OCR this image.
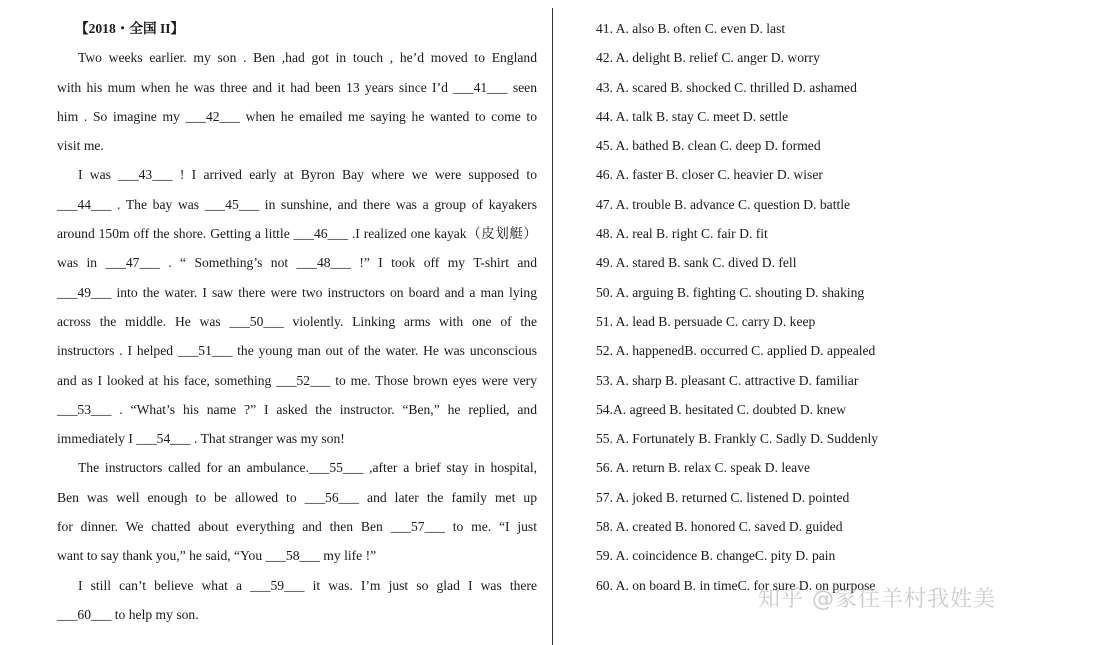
【2018・全国 II】

Two weeks earlier. my son . Ben ,had got in touch , he’d moved to England

with his mum when he was three and it had been 13 years since I’d ___41___ seen

him . So imagine my ___42___ when he emailed me saying he wanted to come to

visit me.

I was ___43___ ! I arrived early at Byron Bay where we were supposed to

___44___ . The bay was ___45___ in sunshine, and there was a group of kayakers

around 150m off the shore. Getting a little ___46___ .I realized one kayak（皮划艇）

was in ___47___ . “ Something’s not ___48___ !” I took off my T-shirt and

___49___ into the water. I saw there were two instructors on board and a man lying

across the middle. He was ___50___ violently. Linking arms with one of the

instructors . I helped ___51___ the young man out of the water. He was unconscious

and as I looked at his face, something ___52___ to me. Those brown eyes were very

___53___ . “What’s his name ?” I asked the instructor. “Ben,” he replied, and

immediately I ___54___ . That stranger was my son!

The instructors called for an ambulance.___55___ ,after a brief stay in hospital,

Ben was well enough to be allowed to ___56___ and later the family met up

for dinner. We chatted about everything and then Ben ___57___ to me. “I just

want to say thank you,” he said, “You ___58___ my life !”

I still can’t believe what a ___59___ it was. I’m just so glad I was there

___60___ to help my son.

41. A. also B. often C. even D. last
42. A. delight B. relief C. anger D. worry
43. A. scared B. shocked C. thrilled D. ashamed
44. A. talk B. stay C. meet D. settle
45. A. bathed B. clean C. deep D. formed
46. A. faster B. closer C. heavier D. wiser
47. A. trouble B. advance C. question D. battle
48. A. real B. right C. fair D. fit
49. A. stared B. sank C. dived D. fell
50. A. arguing B. fighting C. shouting D. shaking
51. A. lead B. persuade C. carry D. keep
52. A. happenedB. occurred C. applied D. appealed
53. A. sharp B. pleasant C. attractive D. familiar
54.A. agreed B. hesitated C. doubted D. knew
55. A. Fortunately B. Frankly C. Sadly D. Suddenly
56. A. return B. relax C. speak D. leave
57. A. joked B. returned C. listened D. pointed
58. A. created B. honored C. saved D. guided
59. A. coincidence B. changeC. pity D. pain
60. A. on board B. in timeC. for sure D. on purpose
知乎 @家住羊村我姓美
